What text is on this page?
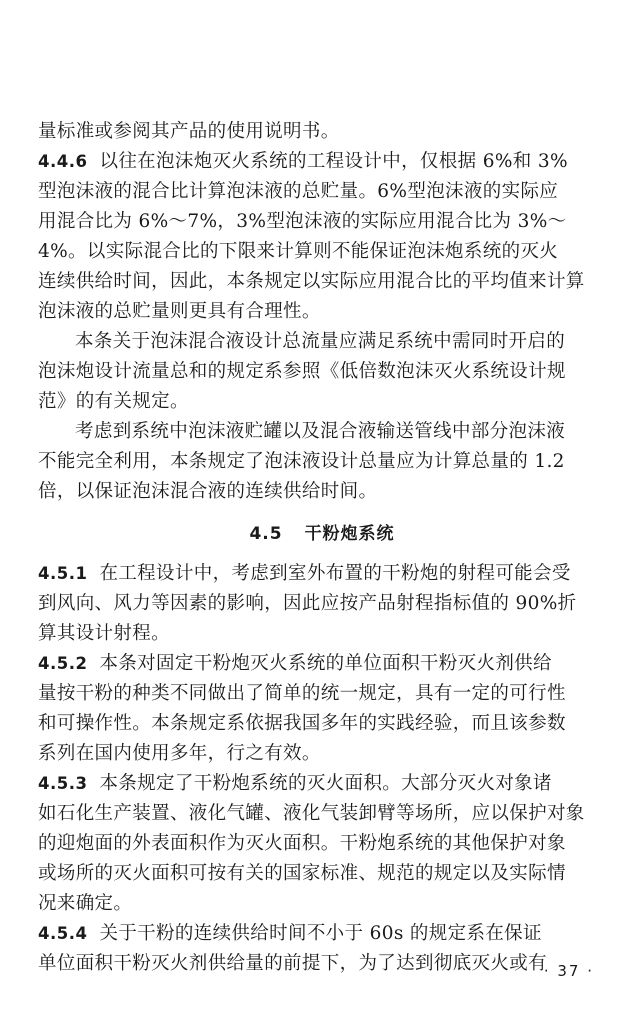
量标准或参阅其产品的使用说明书。
4.4.6 以往在泡沫炮灭火系统的工程设计中，仅根据 6%和 3%
型泡沫液的混合比计算泡沫液的总贮量。6%型泡沫液的实际应
用混合比为 6%～7%，3%型泡沫液的实际应用混合比为 3%～
4%。以实际混合比的下限来计算则不能保证泡沫炮系统的灭火
连续供给时间，因此，本条规定以实际应用混合比的平均值来计算
泡沫液的总贮量则更具有合理性。
本条关于泡沫混合液设计总流量应满足系统中需同时开启的
泡沫炮设计流量总和的规定系参照《低倍数泡沫灭火系统设计规
范》的有关规定。
考虑到系统中泡沫液贮罐以及混合液输送管线中部分泡沫液
不能完全利用，本条规定了泡沫液设计总量应为计算总量的 1.2
倍，以保证泡沫混合液的连续供给时间。
4.5 干粉炮系统
4.5.1 在工程设计中，考虑到室外布置的干粉炮的射程可能会受
到风向、风力等因素的影响，因此应按产品射程指标值的 90%折
算其设计射程。
4.5.2 本条对固定干粉炮灭火系统的单位面积干粉灭火剂供给
量按干粉的种类不同做出了简单的统一规定，具有一定的可行性
和可操作性。本条规定系依据我国多年的实践经验，而且该参数
系列在国内使用多年，行之有效。
4.5.3 本条规定了干粉炮系统的灭火面积。大部分灭火对象诸
如石化生产装置、液化气罐、液化气装卸臂等场所，应以保护对象
的迎炮面的外表面积作为灭火面积。干粉炮系统的其他保护对象
或场所的灭火面积可按有关的国家标准、规范的规定以及实际情
况来确定。
4.5.4 关于干粉的连续供给时间不小于 60s 的规定系在保证
单位面积干粉灭火剂供给量的前提下，为了达到彻底灭火或有
· 37 ·
